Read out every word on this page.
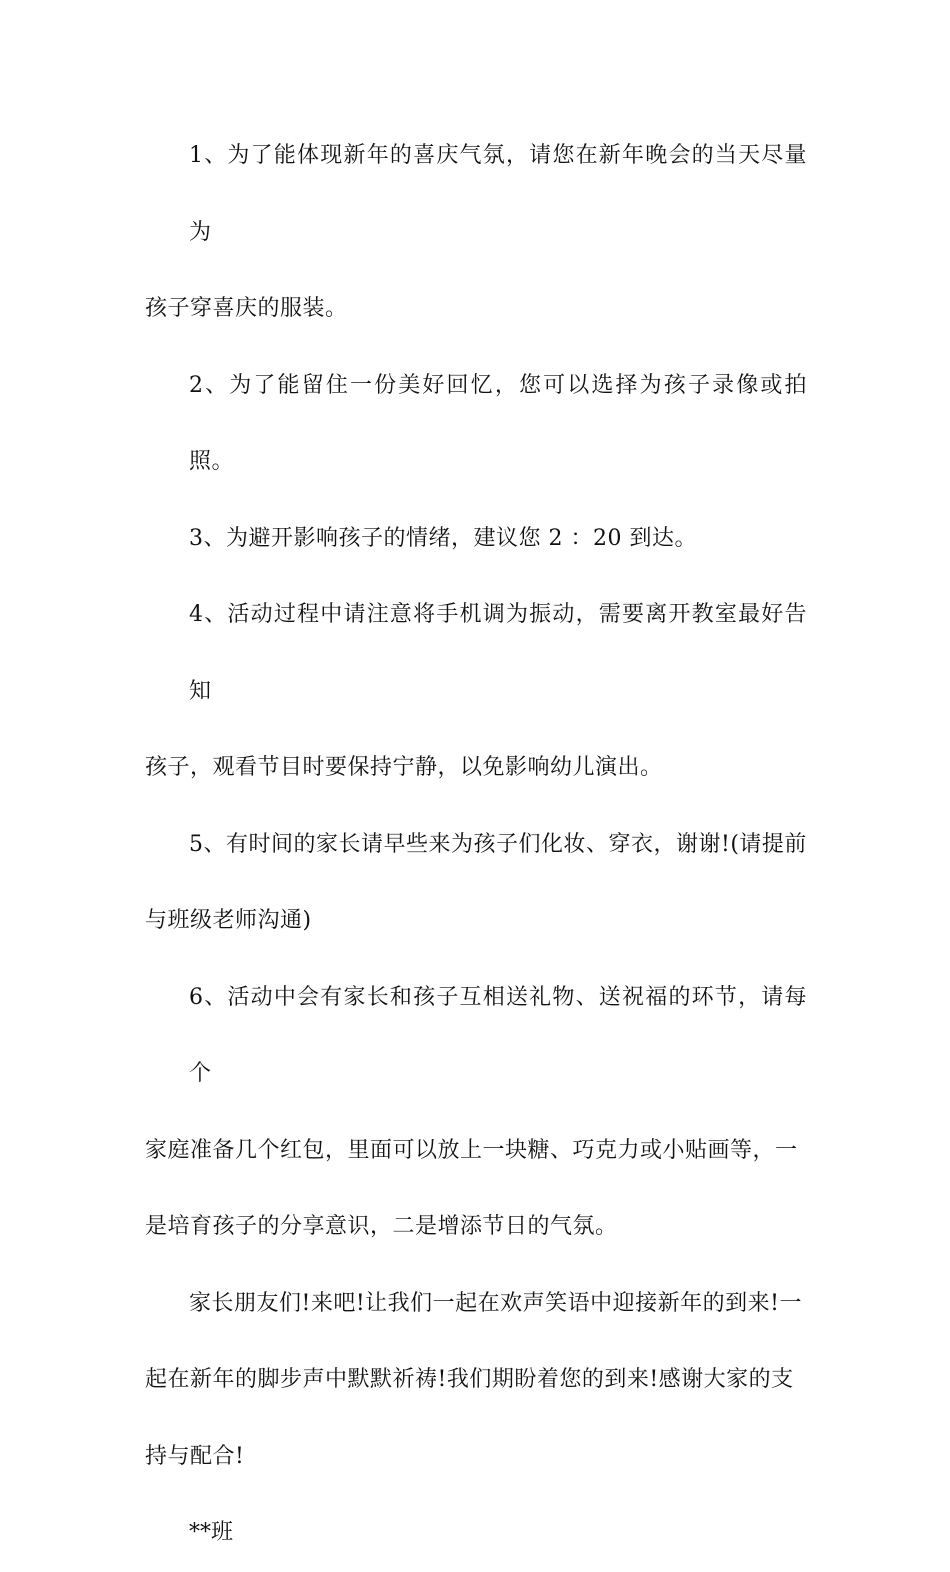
1、为了能体现新年的喜庆气氛，请您在新年晚会的当天尽量为
孩子穿喜庆的服装。

2、为了能留住一份美好回忆，您可以选择为孩子录像或拍照。

3、为避开影响孩子的情绪，建议您 2 ：20 到达。

4、活动过程中请注意将手机调为振动，需要离开教室最好告知
孩子，观看节目时要保持宁静，以免影响幼儿演出。

5、有时间的家长请早些来为孩子们化妆、穿衣，谢谢!(请提前
与班级老师沟通)

6、活动中会有家长和孩子互相送礼物、送祝福的环节，请每个
家庭准备几个红包，里面可以放上一块糖、巧克力或小贴画等，一
是培育孩子的分享意识，二是增添节日的气氛。

家长朋友们!来吧!让我们一起在欢声笑语中迎接新年的到来!一
起在新年的脚步声中默默祈祷!我们期盼着您的到来!感谢大家的支
持与配合!

**班
